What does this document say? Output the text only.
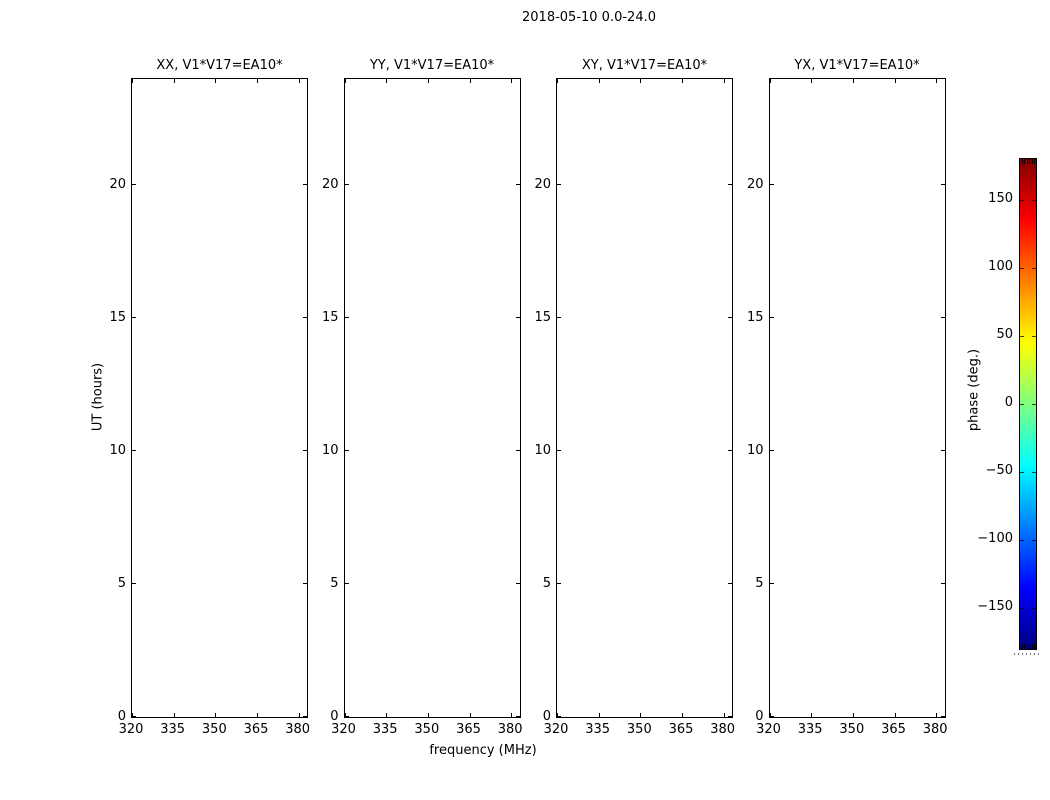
2018-05-10 0.0-24.0
frequency (MHz)
UT (hours)	phase (deg.)
XX, V1*V17=EA10*
320	335	350	365	380
0
5
10
15
20
YY, V1*V17=EA10*
320	335	350	365	380
0
5
10
15
20
XY, V1*V17=EA10*
320	335	350	365	380
0
5
10
15
20
YX, V1*V17=EA10*
320	335	350	365	380
0
5
10
15
20
150
100
50
0
−50
−100
−150
